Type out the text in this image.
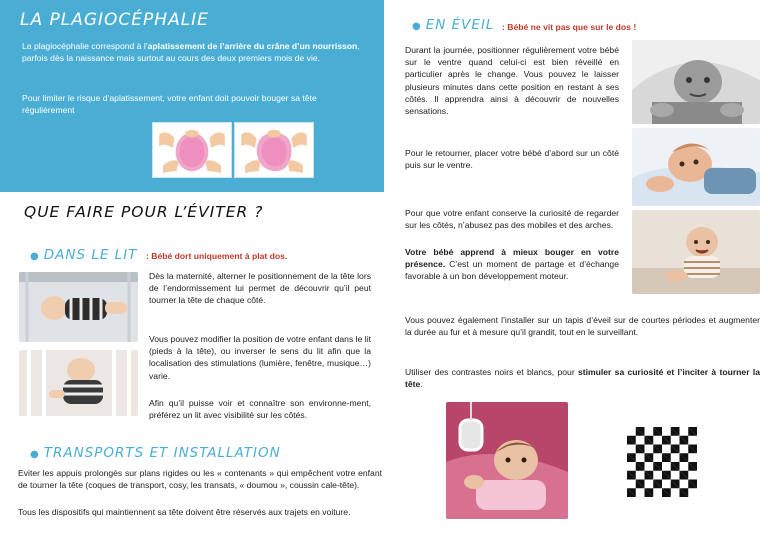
LA PLAGIOCÉPHALIE
La plagiocéphalie correspond à l’aplatissement de l’arrière du crâne d’un nourrisson, parfois dès la naissance mais surtout au cours des deux premiers mois de vie.
Pour limiter le risque d’aplatissement, votre enfant doit pouvoir bouger sa tête régulièrement
QUE FAIRE POUR L’ÉVITER ?
● DANS LE LIT : Bébé dort uniquement à plat dos.
Dès la maternité, alterner le positionnement de la tête lors de l’endormissement lui permet de découvrir qu’il peut tourner la tête de chaque côté.
Vous pouvez modifier la position de votre enfant dans le lit (pieds à la tête), ou inverser le sens du lit afin que la localisation des stimulations (lumière, fenêtre, musique…) varie.
Afin qu’il puisse voir et connaître son environne-ment, préférez un lit avec visibilité sur les côtés.
● TRANSPORTS ET INSTALLATION
Eviter les appuis prolongés sur plans rigides ou les « contenants » qui empêchent votre enfant de tourner la tête (coques de transport, cosy, les transats, « doumou », coussin cale-tête).
Tous les dispositifs qui maintiennent sa tête doivent être réservés aux trajets en voiture.
● EN ÉVEIL : Bébé ne vit pas que sur le dos !
Durant la journée, positionner régulièrement votre bébé sur le ventre quand celui-ci est bien réveillé en particulier après le change. Vous pouvez le laisser plusieurs minutes dans cette position en restant à ses côtés. Il apprendra ainsi à découvrir de nouvelles sensations.
Pour le retourner, placer votre bébé d’abord sur un côté puis sur le ventre.
Pour que votre enfant conserve la curiosité de regarder sur les côtés, n’abusez pas des mobiles et des arches.
Votre bébé apprend à mieux bouger en votre présence. C’est un moment de partage et d’échange favorable à un bon développement moteur.
Vous pouvez également l’installer sur un tapis d’éveil sur de courtes périodes et augmenter la durée au fur et à mesure qu’il grandit, tout en le surveillant.
Utiliser des contrastes noirs et blancs, pour stimuler sa curiosité et l’inciter à tourner la tête.
